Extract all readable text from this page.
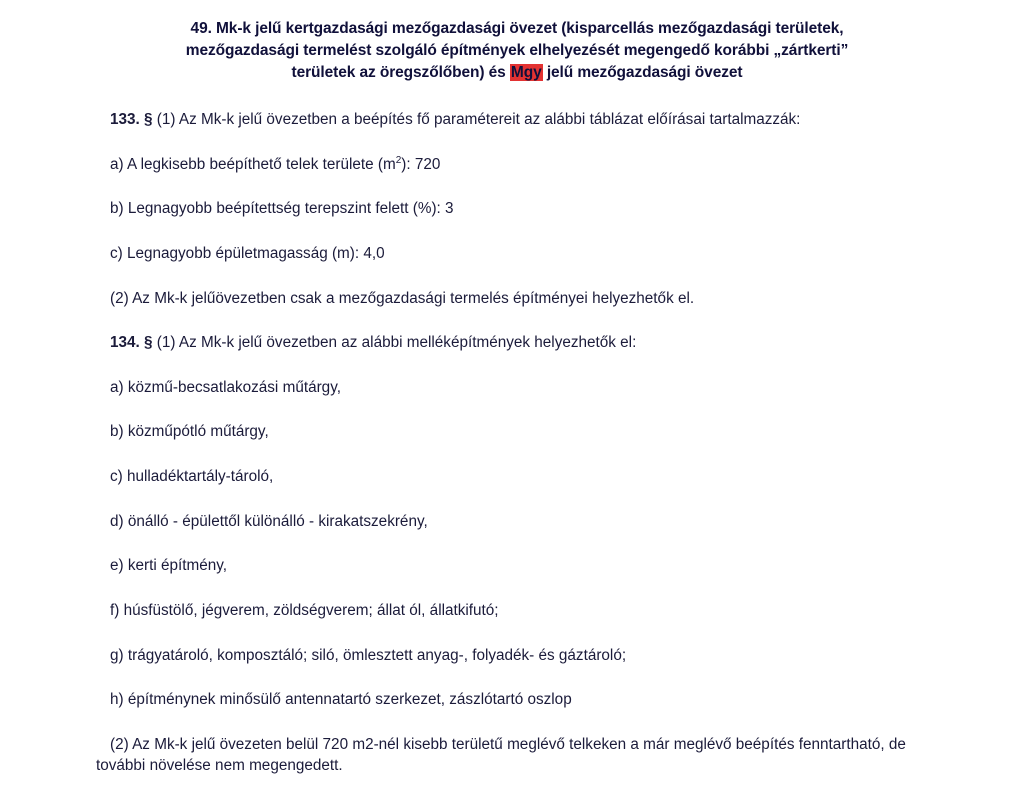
49. Mk-k jelű kertgazdasági mezőgazdasági övezet (kisparcellás mezőgazdasági területek,
mezőgazdasági termelést szolgáló építmények elhelyezését megengedő korábbi „zártkerti”
területek az öregszőlőben) és Mgy jelű mezőgazdasági övezet

133. § (1) Az Mk-k jelű övezetben a beépítés fő paramétereit az alábbi táblázat előírásai tartalmazzák:

a) A legkisebb beépíthető telek területe $(m^2)$: 720

b) Legnagyobb beépítettség terepszint felett (%): 3

c) Legnagyobb épületmagasság (m): 4,0

(2) Az Mk-k jelűövezetben csak a mezőgazdasági termelés építményei helyezhetők el.

134. § (1) Az Mk-k jelű övezetben az alábbi melléképítmények helyezhetők el:

a) közmű-becsatlakozási műtárgy,

b) közműpótló műtárgy,

c) hulladéktartály-tároló,

d) önálló - épülettől különálló - kirakatszekrény,

e) kerti építmény,

f) húsfüstölő, jégverem, zöldségverem; állat ól, állatkifutó;

g) trágyatároló, komposztáló; siló, ömlesztett anyag-, folyadék- és gáztároló;

h) építménynek minősülő antennatartó szerkezet, zászlótartó oszlop

(2) Az Mk-k jelű övezeten belül 720 m2-nél kisebb területű meglévő telkeken a már meglévő beépítés fenntartható, de további növelése nem megengedett.
